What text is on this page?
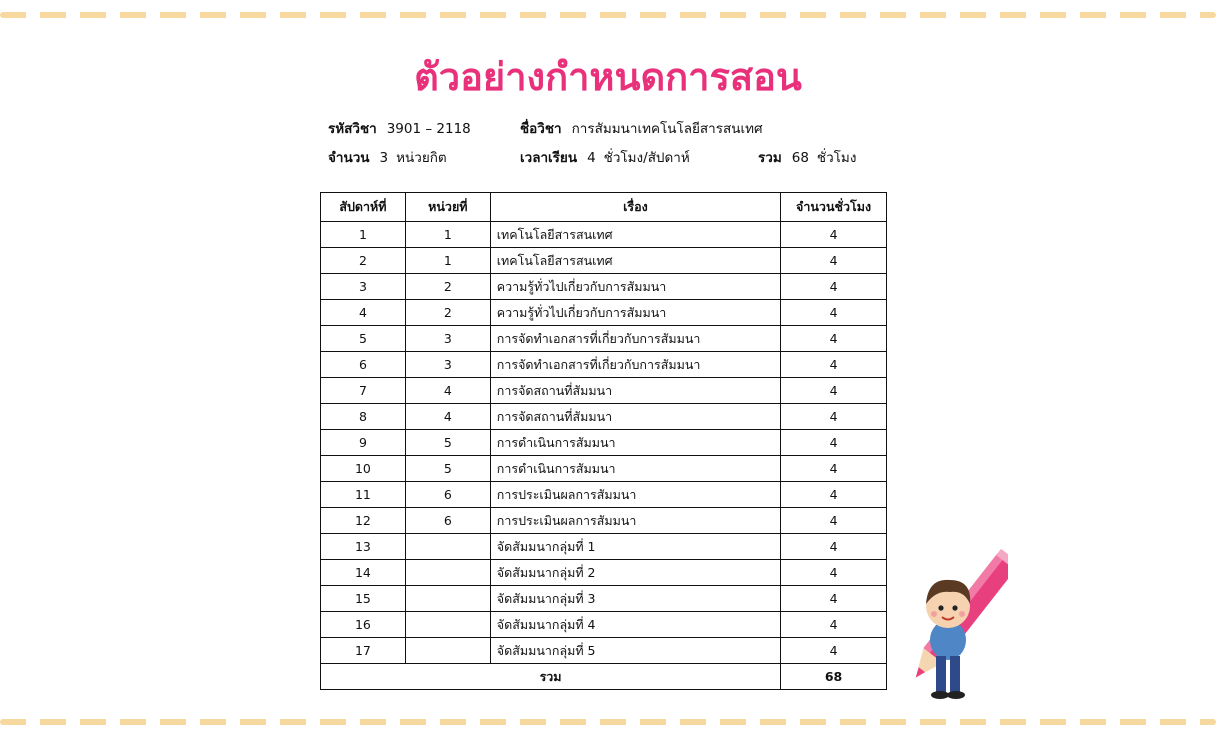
ตัวอย่างกำหนดการสอน
รหัสวิชา 3901 – 2118	ชื่อวิชา การสัมมนาเทคโนโลยีสารสนเทศ
จำนวน 3 หน่วยกิต	เวลาเรียน 4 ชั่วโมง/สัปดาห์	รวม 68 ชั่วโมง
สัปดาห์ที่	หน่วยที่	เรื่อง	จำนวนชั่วโมง
1	1	เทคโนโลยีสารสนเทศ	4
2	1	เทคโนโลยีสารสนเทศ	4
3	2	ความรู้ทั่วไปเกี่ยวกับการสัมมนา	4
4	2	ความรู้ทั่วไปเกี่ยวกับการสัมมนา	4
5	3	การจัดทำเอกสารที่เกี่ยวกับการสัมมนา	4
6	3	การจัดทำเอกสารที่เกี่ยวกับการสัมมนา	4
7	4	การจัดสถานที่สัมมนา	4
8	4	การจัดสถานที่สัมมนา	4
9	5	การดำเนินการสัมมนา	4
10	5	การดำเนินการสัมมนา	4
11	6	การประเมินผลการสัมมนา	4
12	6	การประเมินผลการสัมมนา	4
13		จัดสัมมนากลุ่มที่ 1	4
14		จัดสัมมนากลุ่มที่ 2	4
15		จัดสัมมนากลุ่มที่ 3	4
16		จัดสัมมนากลุ่มที่ 4	4
17		จัดสัมมนากลุ่มที่ 5	4
รวม			68
